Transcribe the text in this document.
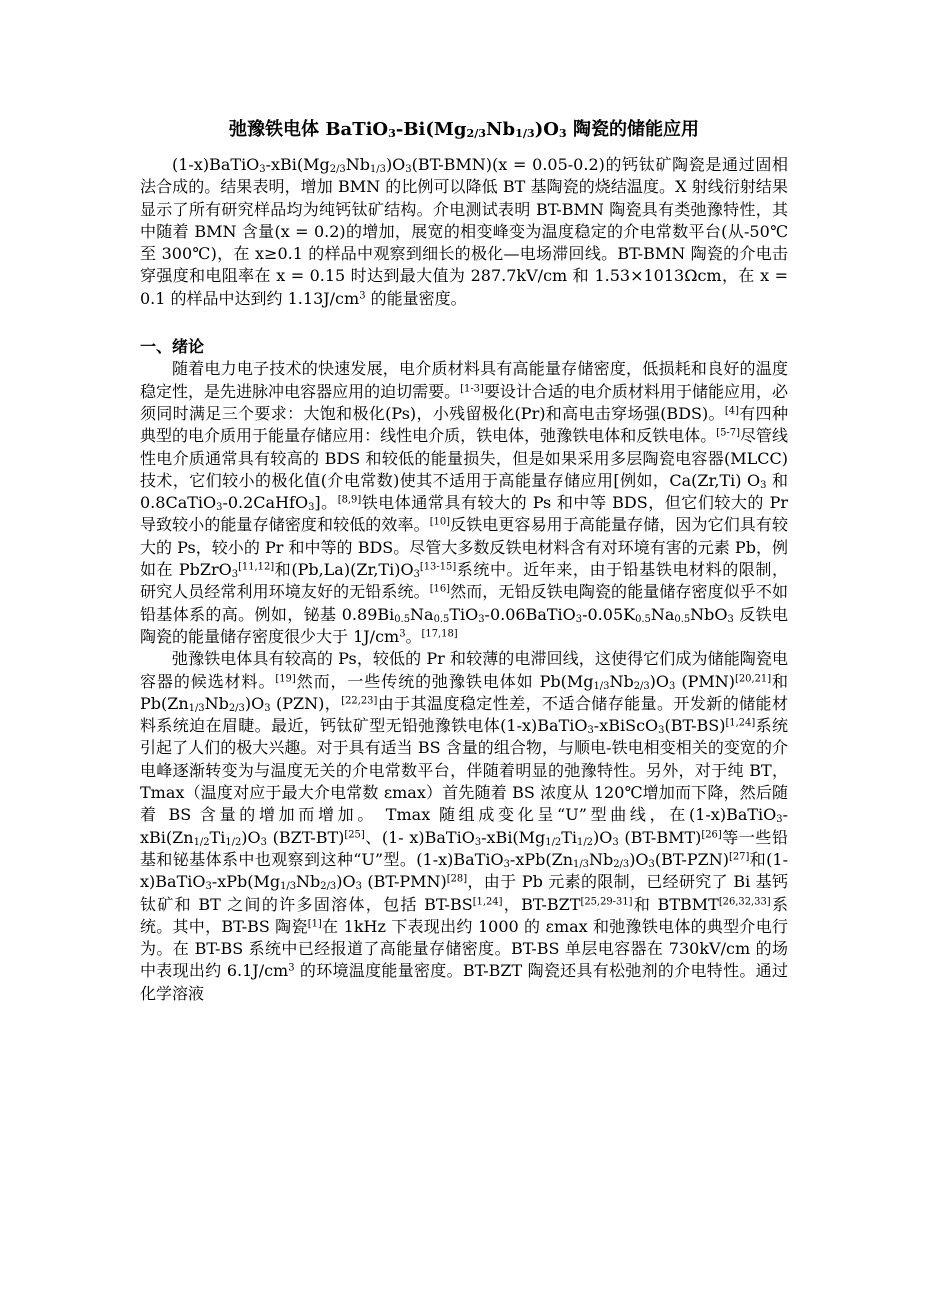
弛豫铁电体 $BaTiO_3-Bi(Mg_{2/3}Nb_{1/3})O_3$ 陶瓷的储能应用

$(1-x)BaTiO_3-xBi(Mg_{2/3}Nb_{1/3})O_3(BT-BMN)(x = 0.05-0.2)$的钙钛矿陶瓷是通过固相法合成的。结果表明，增加 BMN 的比例可以降低 BT 基陶瓷的烧结温度。X 射线衍射结果显示了所有研究样品均为纯钙钛矿结构。介电测试表明 BT-BMN 陶瓷具有类弛豫特性，其中随着 BMN 含量(x = 0.2)的增加，展宽的相变峰变为温度稳定的介电常数平台(从-50℃至 300℃)，在 x≥0.1 的样品中观察到细长的极化—电场滞回线。BT-BMN 陶瓷的介电击穿强度和电阻率在 x = 0.15 时达到最大值为 287.7kV/cm 和 1.53×1013Ωcm，在 x = 0.1 的样品中达到约 $1.13J/cm^3$ 的能量密度。

一、绪论

随着电力电子技术的快速发展，电介质材料具有高能量存储密度，低损耗和良好的温度稳定性，是先进脉冲电容器应用的迫切需要。[1-3]要设计合适的电介质材料用于储能应用，必须同时满足三个要求：大饱和极化(Ps)，小残留极化(Pr)和高电击穿场强(BDS)。[4]有四种典型的电介质用于能量存储应用：线性电介质，铁电体，弛豫铁电体和反铁电体。[5-7]尽管线性电介质通常具有较高的 BDS 和较低的能量损失，但是如果采用多层陶瓷电容器(MLCC)技术，它们较小的极化值(介电常数)使其不适用于高能量存储应用[例如，Ca(Zr,Ti) $O_3$ 和 0.8CaTiO$_3$-0.2CaHfO$_3$]。[8,9]铁电体通常具有较大的 Ps 和中等 BDS，但它们较大的 Pr 导致较小的能量存储密度和较低的效率。[10]反铁电更容易用于高能量存储，因为它们具有较大的 Ps，较小的 Pr 和中等的 BDS。尽管大多数反铁电材料含有对环境有害的元素 Pb，例如在 PbZrO$_3$[11,12]和$(Pb,La)(Zr,Ti)O_3[13-15]$系统中。近年来，由于铅基铁电材料的限制，研究人员经常利用环境友好的无铅系统。[16]然而，无铅反铁电陶瓷的能量储存密度似乎不如铅基体系的高。例如，铋基 $0.89Bi_{0.5}Na_{0.5}TiO_3-0.06BaTiO_3-0.05K_{0.5}Na_{0.5}NbO_3$ 反铁电陶瓷的能量储存密度很少大于 $1J/cm^3$。[17,18]

弛豫铁电体具有较高的 Ps，较低的 Pr 和较薄的电滞回线，这使得它们成为储能陶瓷电容器的候选材料。[19]然而，一些传统的弛豫铁电体如 $Pb(Mg_{1/3}Nb_{2/3})O_3$ (PMN)[20,21]和 $Pb(Zn_{1/3}Nb_{2/3})O_3$ (PZN)，[22,23]由于其温度稳定性差，不适合储存能量。开发新的储能材料系统迫在眉睫。最近，钙钛矿型无铅弛豫铁电体(1-x)BaTiO$_3$-xBiScO$_3$(BT-BS)[1,24]系统引起了人们的极大兴趣。对于具有适当 BS 含量的组合物，与顺电-铁电相变相关的变宽的介电峰逐渐转变为与温度无关的介电常数平台，伴随着明显的弛豫特性。另外，对于纯 BT，Tmax（温度对应于最大介电常数 εmax）首先随着 BS 浓度从 120℃增加而下降，然后随着 BS 含量的增加而增加。 Tmax 随组成变化呈“U”型曲线，在$(1-x)BaTiO_3-xBi(Zn_{1/2}Ti_{1/2})O_3$ (BZT-BT)[25]、(1- $x)BaTiO_3-xBi(Mg_{1/2}Ti_{1/2})O_3$ (BT-BMT)[26]等一些铅基和铋基体系中也观察到这种“U”型。$(1-x)BaTiO_3-xPb(Zn_{1/3}Nb_{2/3})O_3(BT-PZN)[27]$和$(1-x)BaTiO_3-xPb(Mg_{1/3}Nb_{2/3})O_3$ (BT-PMN)[28]，由于 Pb 元素的限制，已经研究了 Bi 基钙钛矿和 BT 之间的许多固溶体，包括 BT-BS[1,24]，BT-BZT[25,29-31]和 BTBMT[26,32,33]系统。其中，BT-BS 陶瓷[1]在 1kHz 下表现出约 1000 的 εmax 和弛豫铁电体的典型介电行为。在 BT-BS 系统中已经报道了高能量存储密度。BT-BS 单层电容器在 730kV/cm 的场中表现出约 $6.1J/cm^3$ 的环境温度能量密度。BT-BZT 陶瓷还具有松弛剂的介电特性。通过化学溶液
